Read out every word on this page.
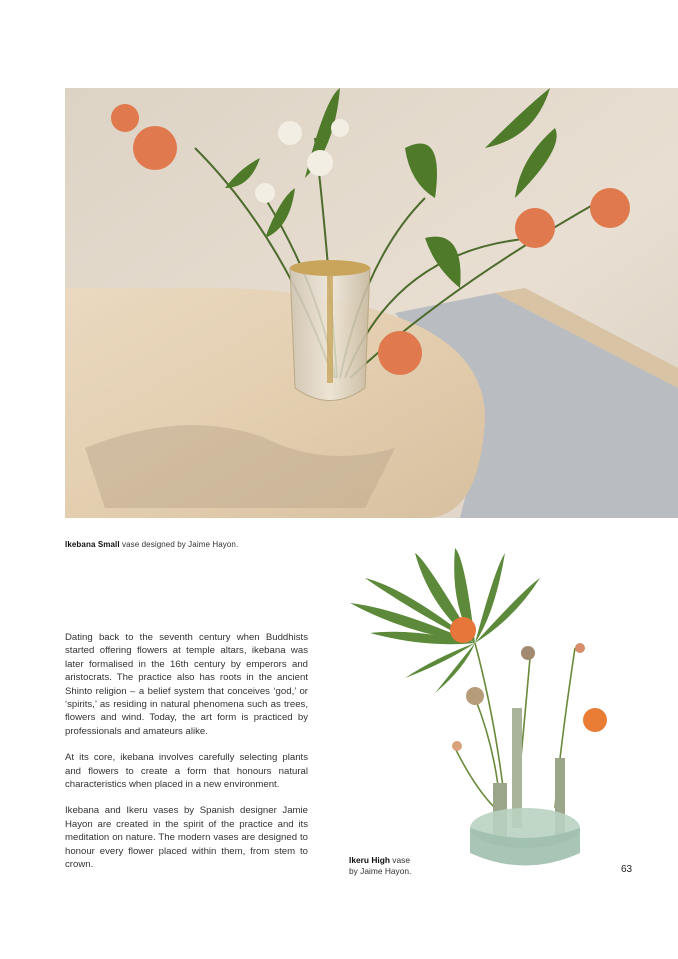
Ikebana Small vase designed by Jaime Hayon.

Dating back to the seventh century when Buddhists started offering flowers at temple altars, ikebana was later formalised in the 16th century by emperors and aristocrats. The practice also has roots in the ancient Shinto religion – a belief system that conceives ‘god,’ or ‘spirits,’ as residing in natural phenomena such as trees, flowers and wind. Today, the art form is practiced by professionals and amateurs alike.

At its core, ikebana involves carefully selecting plants and flowers to create a form that honours natural characteristics when placed in a new environment.

Ikebana and Ikeru vases by Spanish designer Jamie Hayon are created in the spirit of the practice and its meditation on nature. The modern vases are designed to honour every flower placed within them, from stem to crown.	Ikeru High vase
by Jaime Hayon.	63
